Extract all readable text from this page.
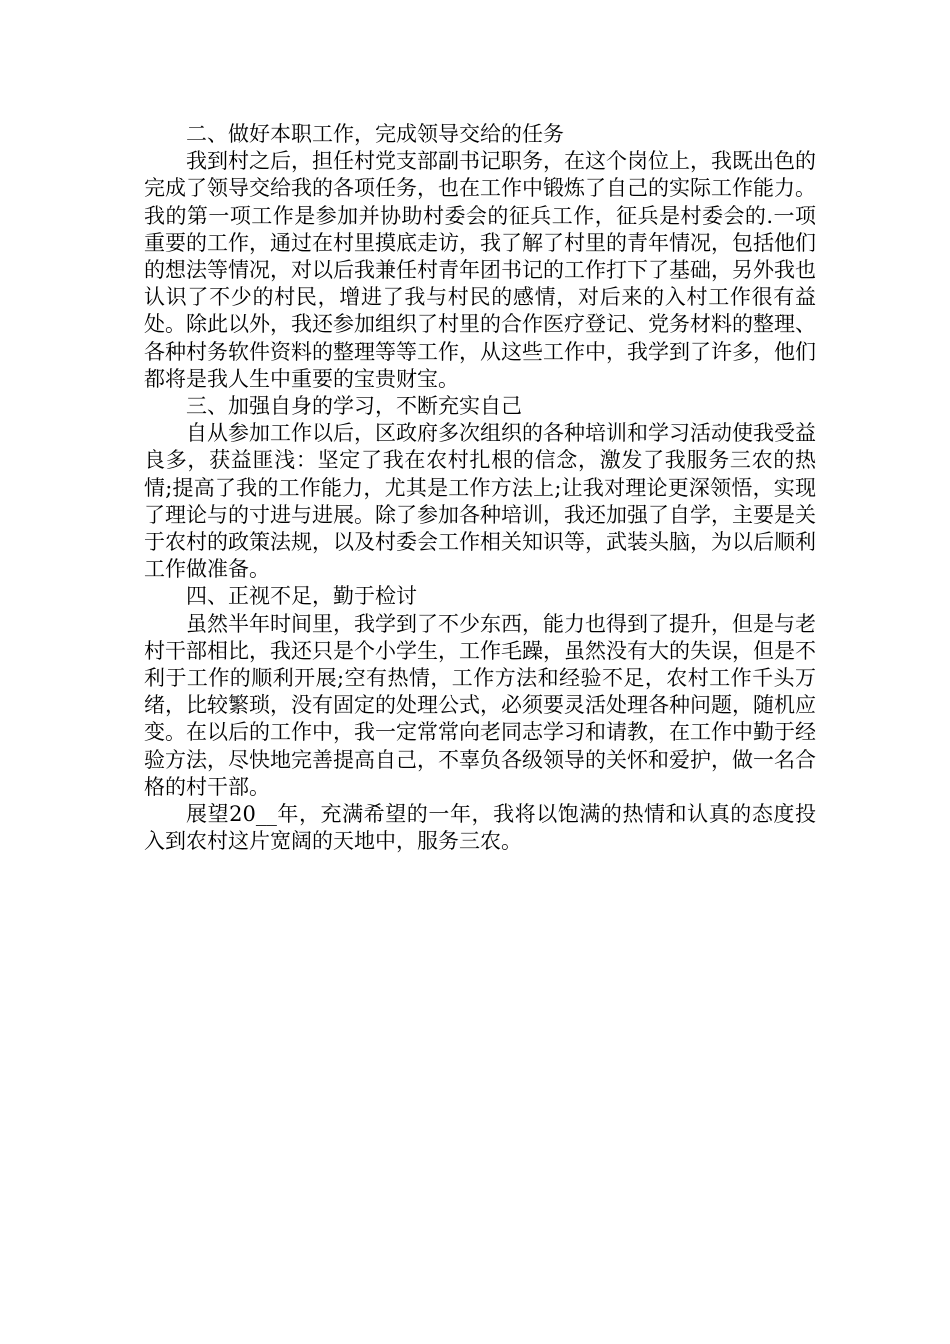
二、做好本职工作，完成领导交给的任务

我到村之后，担任村党支部副书记职务，在这个岗位上，我既出色的完成了领导交给我的各项任务，也在工作中锻炼了自己的实际工作能力。我的第一项工作是参加并协助村委会的征兵工作，征兵是村委会的.一项重要的工作，通过在村里摸底走访，我了解了村里的青年情况，包括他们的想法等情况，对以后我兼任村青年团书记的工作打下了基础，另外我也认识了不少的村民，增进了我与村民的感情，对后来的入村工作很有益处。除此以外，我还参加组织了村里的合作医疗登记、党务材料的整理、各种村务软件资料的整理等等工作，从这些工作中，我学到了许多，他们都将是我人生中重要的宝贵财宝。

三、加强自身的学习，不断充实自己

自从参加工作以后，区政府多次组织的各种培训和学习活动使我受益良多，获益匪浅：坚定了我在农村扎根的信念，激发了我服务三农的热情;提高了我的工作能力，尤其是工作方法上;让我对理论更深领悟，实现了理论与的寸进与进展。除了参加各种培训，我还加强了自学，主要是关于农村的政策法规，以及村委会工作相关知识等，武装头脑，为以后顺利工作做准备。

四、正视不足，勤于检讨

虽然半年时间里，我学到了不少东西，能力也得到了提升，但是与老村干部相比，我还只是个小学生，工作毛躁，虽然没有大的失误，但是不利于工作的顺利开展;空有热情，工作方法和经验不足，农村工作千头万绪，比较繁琐，没有固定的处理公式，必须要灵活处理各种问题，随机应变。在以后的工作中，我一定常常向老同志学习和请教，在工作中勤于经验方法，尽快地完善提高自己，不辜负各级领导的关怀和爱护，做一名合格的村干部。

展望20__年，充满希望的一年，我将以饱满的热情和认真的态度投入到农村这片宽阔的天地中，服务三农。
